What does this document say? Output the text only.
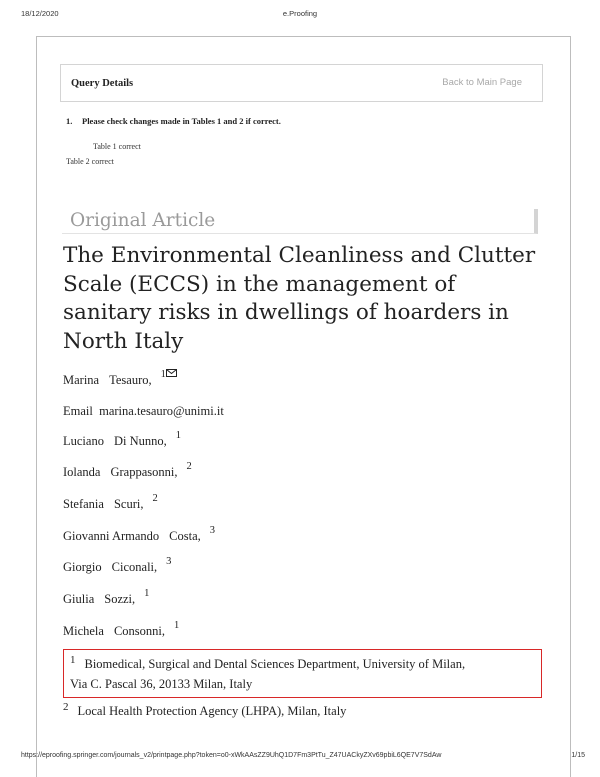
18/12/2020	e.Proofing
Query Details	Back to Main Page
1. Please check changes made in Tables 1 and 2 if correct.
Table 1 correct
Table 2 correct
Original Article
The Environmental Cleanliness and Clutter Scale (ECCS) in the management of sanitary risks in dwellings of hoarders in North Italy
Marina Tesauro, $^1$
Email marina.tesauro@unimi.it
Luciano Di Nunno, $^1$
Iolanda Grappasonni, $^2$
Stefania Scuri, $^2$
Giovanni Armando Costa, $^3$
Giorgio Ciconali, $^3$
Giulia Sozzi, $^1$
Michela Consonni, $^1$
1 Biomedical, Surgical and Dental Sciences Department, University of Milan,
Via C. Pascal 36, 20133 Milan, Italy
2 Local Health Protection Agency (LHPA), Milan, Italy
https://eproofing.springer.com/journals_v2/printpage.php?token=o0-xWkAAsZZ9UhQ1D7Fm3PtTu_Z47UACkyZXv69pbiL6QE7V7SdAw	1/15
